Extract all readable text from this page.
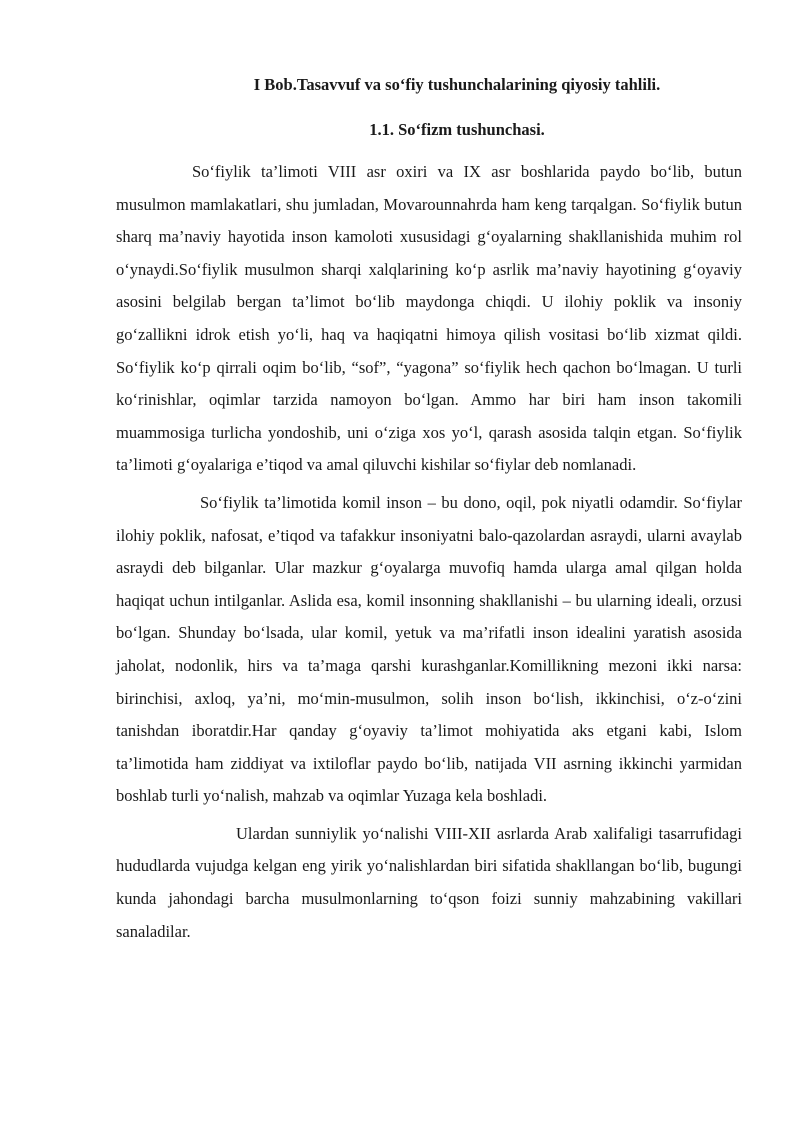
I Bob.Tasavvuf va so‘fiy tushunchalarining qiyosiy tahlili.
1.1. So‘fizm tushunchasi.

So‘fiylik ta’limoti VIII asr oxiri va IX asr boshlarida paydo bo‘lib, butun musulmon mamlakatlari, shu jumladan, Movarounnahrda ham keng tarqalgan. So‘fiylik butun sharq ma’naviy hayotida inson kamoloti xususidagi g‘oyalarning shakllanishida muhim rol o‘ynaydi.So‘fiylik musulmon sharqi xalqlarining ko‘p asrlik ma’naviy hayotining g‘oyaviy asosini belgilab bergan ta’limot bo‘lib maydonga chiqdi. U ilohiy poklik va insoniy go‘zallikni idrok etish yo‘li, haq va haqiqatni himoya qilish vositasi bo‘lib xizmat qildi. So‘fiylik ko‘p qirrali oqim bo‘lib, “sof”, “yagona” so‘fiylik hech qachon bo‘lmagan. U turli ko‘rinishlar, oqimlar tarzida namoyon bo‘lgan. Ammo har biri ham inson takomili muammosiga turlicha yondoshib, uni o‘ziga xos yo‘l, qarash asosida talqin etgan. So‘fiylik ta’limoti g‘oyalariga e’tiqod va amal qiluvchi kishilar so‘fiylar deb nomlanadi.

So‘fiylik ta’limotida komil inson – bu dono, oqil, pok niyatli odamdir. So‘fiylar ilohiy poklik, nafosat, e’tiqod va tafakkur insoniyatni balo-qazolardan asraydi, ularni avaylab asraydi deb bilganlar. Ular mazkur g‘oyalarga muvofiq hamda ularga amal qilgan holda haqiqat uchun intilganlar. Aslida esa, komil insonning shakllanishi – bu ularning ideali, orzusi bo‘lgan. Shunday bo‘lsada, ular komil, yetuk va ma’rifatli inson idealini yaratish asosida jaholat, nodonlik, hirs va ta’maga qarshi kurashganlar.Komillikning mezoni ikki narsa: birinchisi, axloq, ya’ni, mo‘min-musulmon, solih inson bo‘lish, ikkinchisi, o‘z-o‘zini tanishdan iboratdir.Har qanday g‘oyaviy ta’limot mohiyatida aks etgani kabi, Islom ta’limotida ham ziddiyat va ixtiloflar paydo bo‘lib, natijada VII asrning ikkinchi yarmidan boshlab turli yo‘nalish, mahzab va oqimlar Yuzaga kela boshladi.

Ulardan sunniylik yo‘nalishi VIII-XII asrlarda Arab xalifaligi tasarrufidagi hududlarda vujudga kelgan eng yirik yo‘nalishlardan biri sifatida shakllangan bo‘lib, bugungi kunda jahondagi barcha musulmonlarning to‘qson foizi sunniy mahzabining vakillari sanaladilar.
